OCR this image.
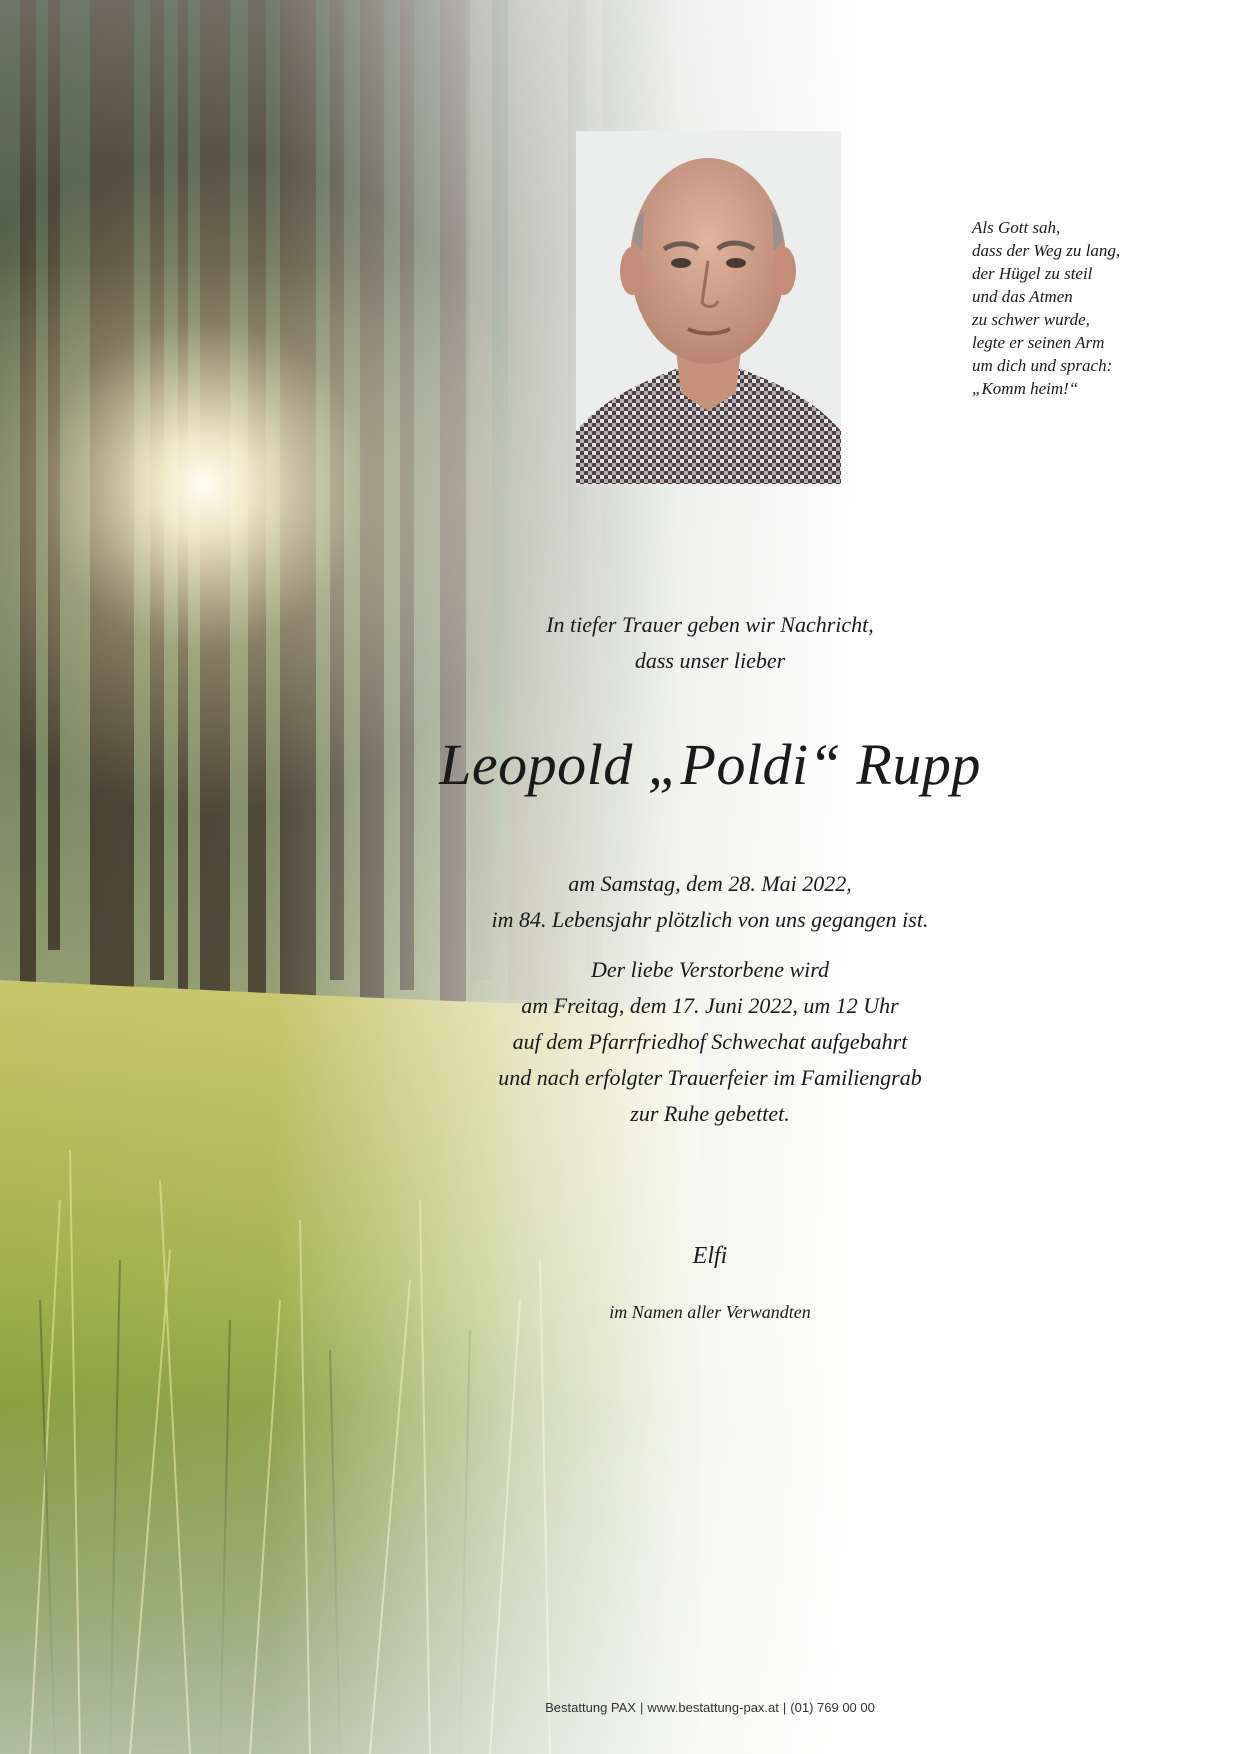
Als Gott sah,
dass der Weg zu lang,
der Hügel zu steil
und das Atmen
zu schwer wurde,
legte er seinen Arm
um dich und sprach:
„Komm heim!“
In tiefer Trauer geben wir Nachricht,
dass unser lieber
Leopold „Poldi“ Rupp
am Samstag, dem 28. Mai 2022,
im 84. Lebensjahr plötzlich von uns gegangen ist.
Der liebe Verstorbene wird
am Freitag, dem 17. Juni 2022, um 12 Uhr
auf dem Pfarrfriedhof Schwechat aufgebahrt
und nach erfolgter Trauerfeier im Familiengrab
zur Ruhe gebettet.
Elfi
im Namen aller Verwandten
Bestattung PAX | www.bestattung-pax.at | (01) 769 00 00
